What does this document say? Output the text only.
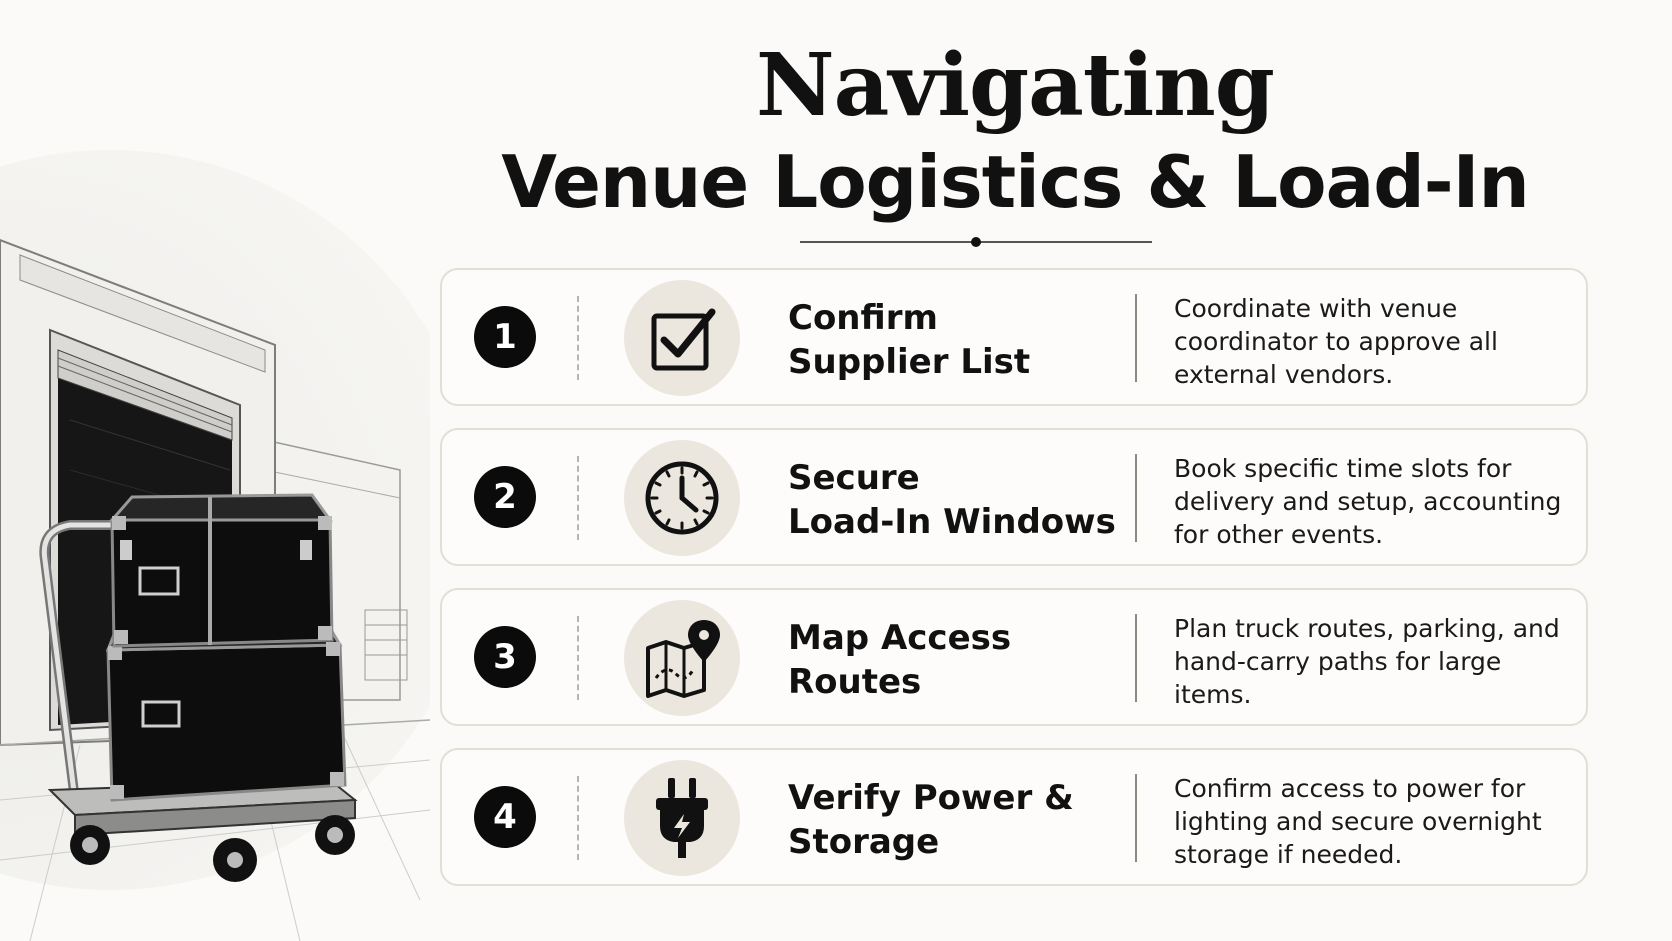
Navigating
Venue Logistics & Load-In
1	Confirm
Supplier List
Coordinate with venue coordinator to approve all external vendors.
2	Secure
Load-In Windows
Book specific time slots for delivery and setup, accounting for other events.
3	Map Access
Routes
Plan truck routes, parking, and hand-carry paths for large items.
4	Verify Power &
Storage
Confirm access to power for lighting and secure overnight storage if needed.
